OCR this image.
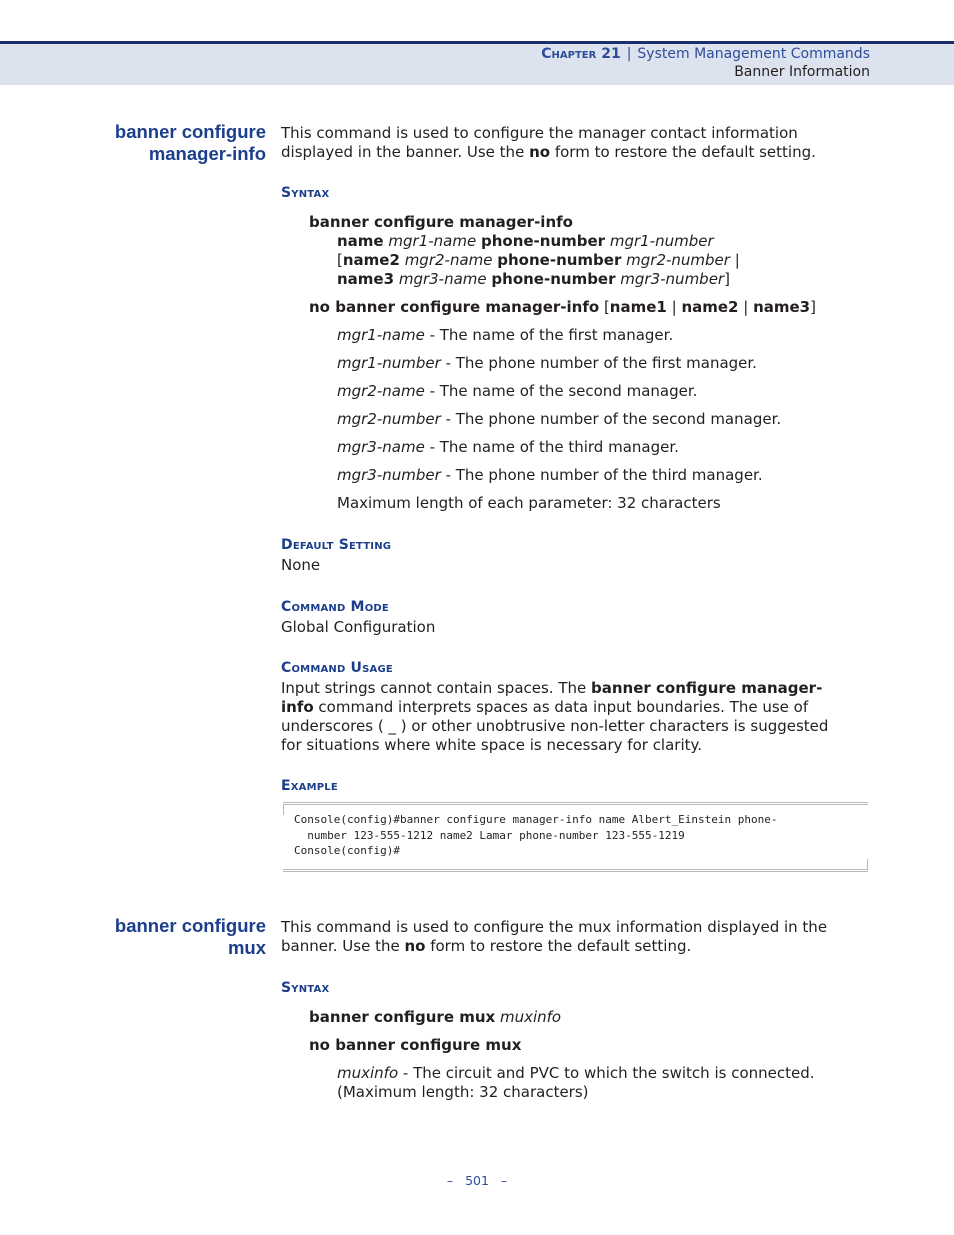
Chapter 21 | System Management Commands
Banner Information
banner configure
manager-info
This command is used to configure the manager contact information
displayed in the banner. Use the no form to restore the default setting.
Syntax
banner configure manager-info
name mgr1-name phone-number mgr1-number
[name2 mgr2-name phone-number mgr2-number |
name3 mgr3-name phone-number mgr3-number]
no banner configure manager-info [name1 | name2 | name3]
mgr1-name - The name of the first manager.
mgr1-number - The phone number of the first manager.
mgr2-name - The name of the second manager.
mgr2-number - The phone number of the second manager.
mgr3-name - The name of the third manager.
mgr3-number - The phone number of the third manager.
Maximum length of each parameter: 32 characters
Default Setting
None
Command Mode
Global Configuration
Command Usage
Input strings cannot contain spaces. The banner configure manager-
info command interprets spaces as data input boundaries. The use of
underscores ( _ ) or other unobtrusive non-letter characters is suggested
for situations where white space is necessary for clarity.
Example
Console(config)#banner configure manager-info name Albert_Einstein phone-
number 123-555-1212 name2 Lamar phone-number 123-555-1219
Console(config)#
banner configure
mux
This command is used to configure the mux information displayed in the
banner. Use the no form to restore the default setting.
Syntax
banner configure mux muxinfo
no banner configure mux
muxinfo - The circuit and PVC to which the switch is connected.
(Maximum length: 32 characters)
– 501 –
